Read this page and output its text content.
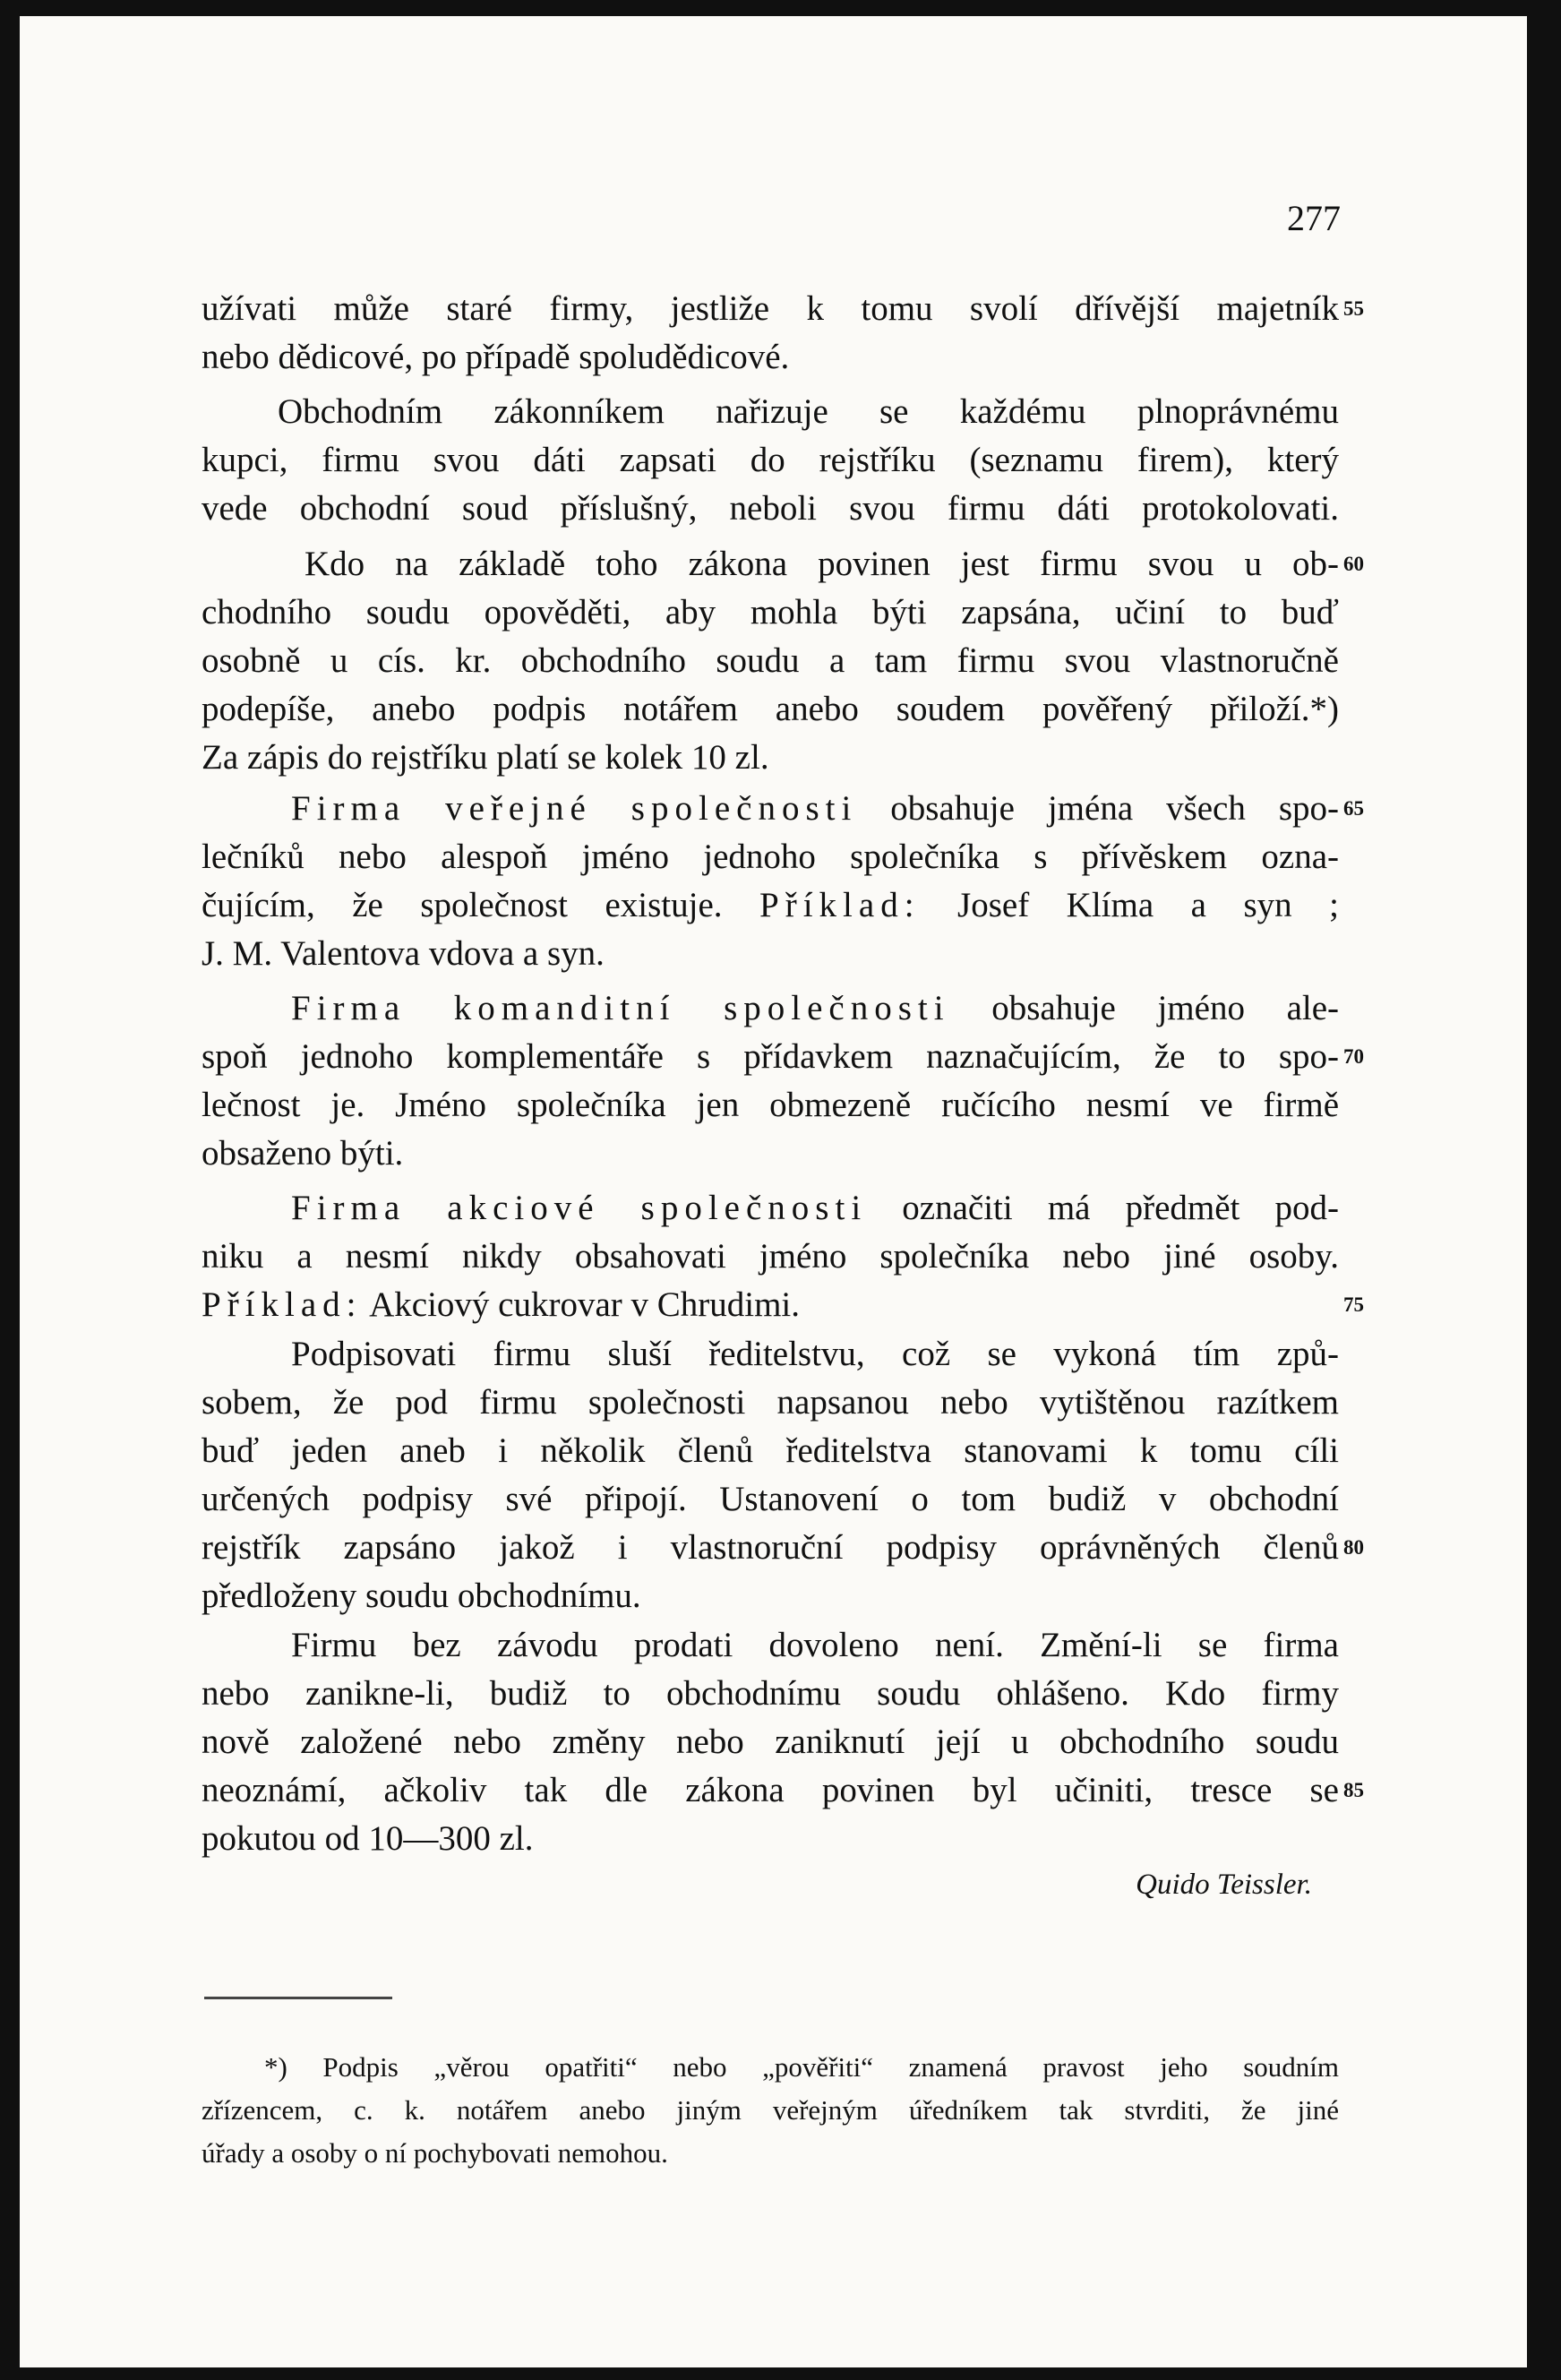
277
užívati může staré firmy, jestliže k tomu svolí dřívější majetník 55
nebo dědicové, po případě spoludědicové.
Obchodním zákonníkem nařizuje se každému plnoprávnému
kupci, firmu svou dáti zapsati do rejstříku (seznamu firem), který
vede obchodní soud příslušný, neboli svou firmu dáti protokolovati.
Kdo na základě toho zákona povinen jest firmu svou u ob- 60
chodního soudu opověděti, aby mohla býti zapsána, učiní to buď
osobně u cís. kr. obchodního soudu a tam firmu svou vlastnoručně
podepíše, anebo podpis notářem anebo soudem pověřený přiloží.*)
Za zápis do rejstříku platí se kolek 10 zl.
Firma veřejné společnosti obsahuje jména všech spo- 65
lečníků nebo alespoň jméno jednoho společníka s přívěskem ozna-
čujícím, že společnost existuje. Příklad: Josef Klíma a syn ;
J. M. Valentova vdova a syn.
Firma komanditní společnosti obsahuje jméno ale-
spoň jednoho komplementáře s přídavkem naznačujícím, že to spo- 70
lečnost je. Jméno společníka jen obmezeně ručícího nesmí ve firmě
obsaženo býti.
Firma akciové společnosti označiti má předmět pod-
niku a nesmí nikdy obsahovati jméno společníka nebo jiné osoby.
Příklad: Akciový cukrovar v Chrudimi.	75
Podpisovati firmu sluší ředitelstvu, což se vykoná tím způ-
sobem, že pod firmu společnosti napsanou nebo vytištěnou razítkem
buď jeden aneb i několik členů ředitelstva stanovami k tomu cíli
určených podpisy své připojí. Ustanovení o tom budiž v obchodní
rejstřík zapsáno jakož i vlastnoruční podpisy oprávněných členů 80
předloženy soudu obchodnímu.
Firmu bez závodu prodati dovoleno není. Změní-li se firma
nebo zanikne-li, budiž to obchodnímu soudu ohlášeno. Kdo firmy
nově založené nebo změny nebo zaniknutí její u obchodního soudu
neoznámí, ačkoliv tak dle zákona povinen byl učiniti, tresce se 85
pokutou od 10—300 zl.
Quido Teissler.
*) Podpis „věrou opatřiti“ nebo „pověřiti“ znamená pravost jeho soudním
zřízencem, c. k. notářem anebo jiným veřejným úředníkem tak stvrditi, že jiné
úřady a osoby o ní pochybovati nemohou.
